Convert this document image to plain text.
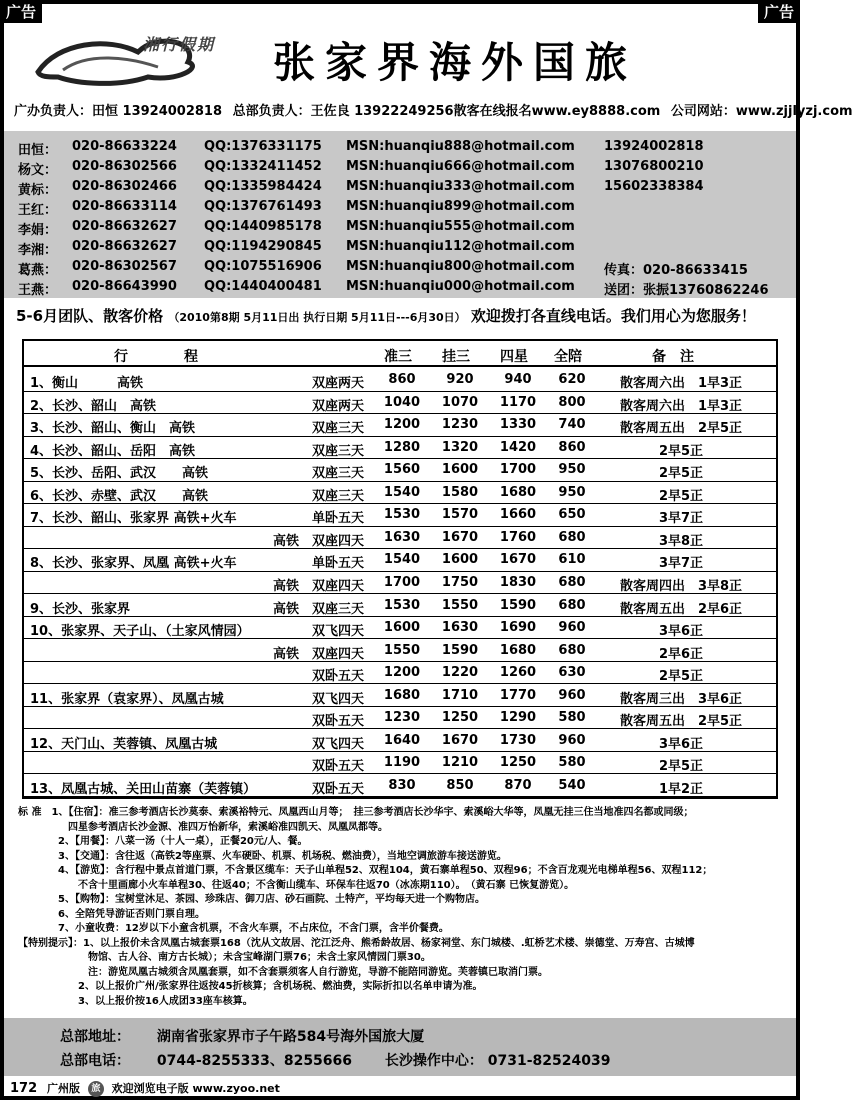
广告	广告
湘行假期 张家界海外国旅
广办负责人：田恒 13924002818 总部负责人：王佐良 13922249256散客在线报名www.ey8888.com 公司网站：www.zjjlyzj.com
田恒： 020-86633224 QQ:1376331175 MSN:huanqiu888@hotmail.com 13924002818
杨文： 020-86302566 QQ:1332411452 MSN:huanqiu666@hotmail.com 13076800210
黄标： 020-86302466 QQ:1335984424 MSN:huanqiu333@hotmail.com 15602338384
王红： 020-86633114 QQ:1376761493 MSN:huanqiu899@hotmail.com
李娟： 020-86632627 QQ:1440985178 MSN:huanqiu555@hotmail.com
李湘： 020-86632627 QQ:1194290845 MSN:huanqiu112@hotmail.com
葛燕： 020-86302567 QQ:1075516906 MSN:huanqiu800@hotmail.com 传真：020-86633415
王燕： 020-86643990 QQ:1440400481 MSN:huanqiu000@hotmail.com 送团：张振13760862246
5-6月团队、散客价格 （2010第8期 5月11日出 执行日期 5月11日---6月30日） 欢迎拨打各直线电话。我们用心为您服务！
行　　　　程	准三 挂三 四星 全陪	备　注
1、衡山　　　高铁	双座两天	860	920	940	620	散客周六出　1早3正
2、长沙、韶山　高铁	双座两天	1040	1070	1170	800	散客周六出　1早3正
3、长沙、韶山、衡山　高铁	双座三天	1200	1230	1330	740	散客周五出　2早5正
4、长沙、韶山、岳阳　高铁	双座三天	1280	1320	1420	860	2早5正
5、长沙、岳阳、武汉　　高铁	双座三天	1560	1600	1700	950	2早5正
6、长沙、赤壁、武汉　　高铁	双座三天	1540	1580	1680	950	2早5正
7、长沙、韶山、张家界 高铁+火车	单卧五天	1530	1570	1660	650	3早7正
高铁　双座四天	1630	1670	1760	680	3早8正
8、长沙、张家界、凤凰 高铁+火车	单卧五天	1540	1600	1670	610	3早7正
高铁　双座四天	1700	1750	1830	680	散客周四出　3早8正
9、长沙、张家界	高铁　双座三天	1530	1550	1590	680	散客周五出　2早6正
10、张家界、天子山、（土家风情园）	双飞四天	1600	1630	1690	960	3早6正
高铁　双座四天	1550	1590	1680	680	2早6正
双卧五天	1200	1220	1260	630	2早5正
11、张家界（袁家界）、凤凰古城	双飞四天	1680	1710	1770	960	散客周三出　3早6正
双卧五天	1230	1250	1290	580	散客周五出　2早5正
12、天门山、芙蓉镇、凤凰古城	双飞四天	1640	1670	1730	960	3早6正
双卧五天	1190	1210	1250	580	2早5正
13、凤凰古城、关田山苗寨（芙蓉镇）	双卧五天	830	850	870	540	1早2正
标 准　1、【住宿】：准三参考酒店长沙莫泰、索溪裕特元、凤凰西山月等；　挂三参考酒店长沙华宇、索溪峪大华等，凤凰无挂三住当地准四名都或同级；
　　　　　四星参考酒店长沙金源、准四万怡新华，索溪峪准四凯天、凤凰凤都等。
　　　　2、【用餐】：八菜一汤（十人一桌），正餐20元/人、餐。
　　　　3、【交通】：含往返（高铁2等座票、火车硬卧、机票、机场税、燃油费），当地空调旅游车接送游览。
　　　　4、【游览】：含行程中景点首道门票，不含景区缆车：天子山单程52、双程104，黄石寨单程50、双程96；不含百龙观光电梯单程56、双程112；
　　　　　　不含十里画廊小火车单程30、往返40；不含衡山缆车、环保车往返70（冰冻期110）。　（黄石寨 已恢复游览）。
　　　　5、【购物】：宝树堂沐足、茶园、珍珠店、御刀店、砂石画院、土特产，平均每天进一个购物店。
　　　　6、全陪凭导游证否则门票自理。
　　　　7、小童收费：12岁以下小童含机票，不含火车票，不占床位，不含门票，含半价餐费。
【特别提示】：1、以上报价未含凤凰古城套票168（沈从文故居、沱江泛舟、熊希龄故居、杨家祠堂、东门城楼、.虹桥艺术楼、崇德堂、万寿宫、古城博
　　　　　　　物馆、古人谷、南方古长城）；未含宝峰湖门票76；未含土家风情园门票30。
　　　　　　　注：游览凤凰古城须含凤凰套票，如不含套票须客人自行游览，导游不能陪同游览。芙蓉镇已取消门票。
　　　　　　2、以上报价广州/张家界往返按45折核算；含机场税、燃油费，实际折扣以名单申请为准。
　　　　　　3、以上报价按16人成团33座车核算。
总部地址： 湖南省张家界市子午路584号海外国旅大厦
总部电话： 0744-8255333、8255666 长沙操作中心： 0731-82524039
172 广州版 旅 欢迎浏览电子版 www.zyoo.net
